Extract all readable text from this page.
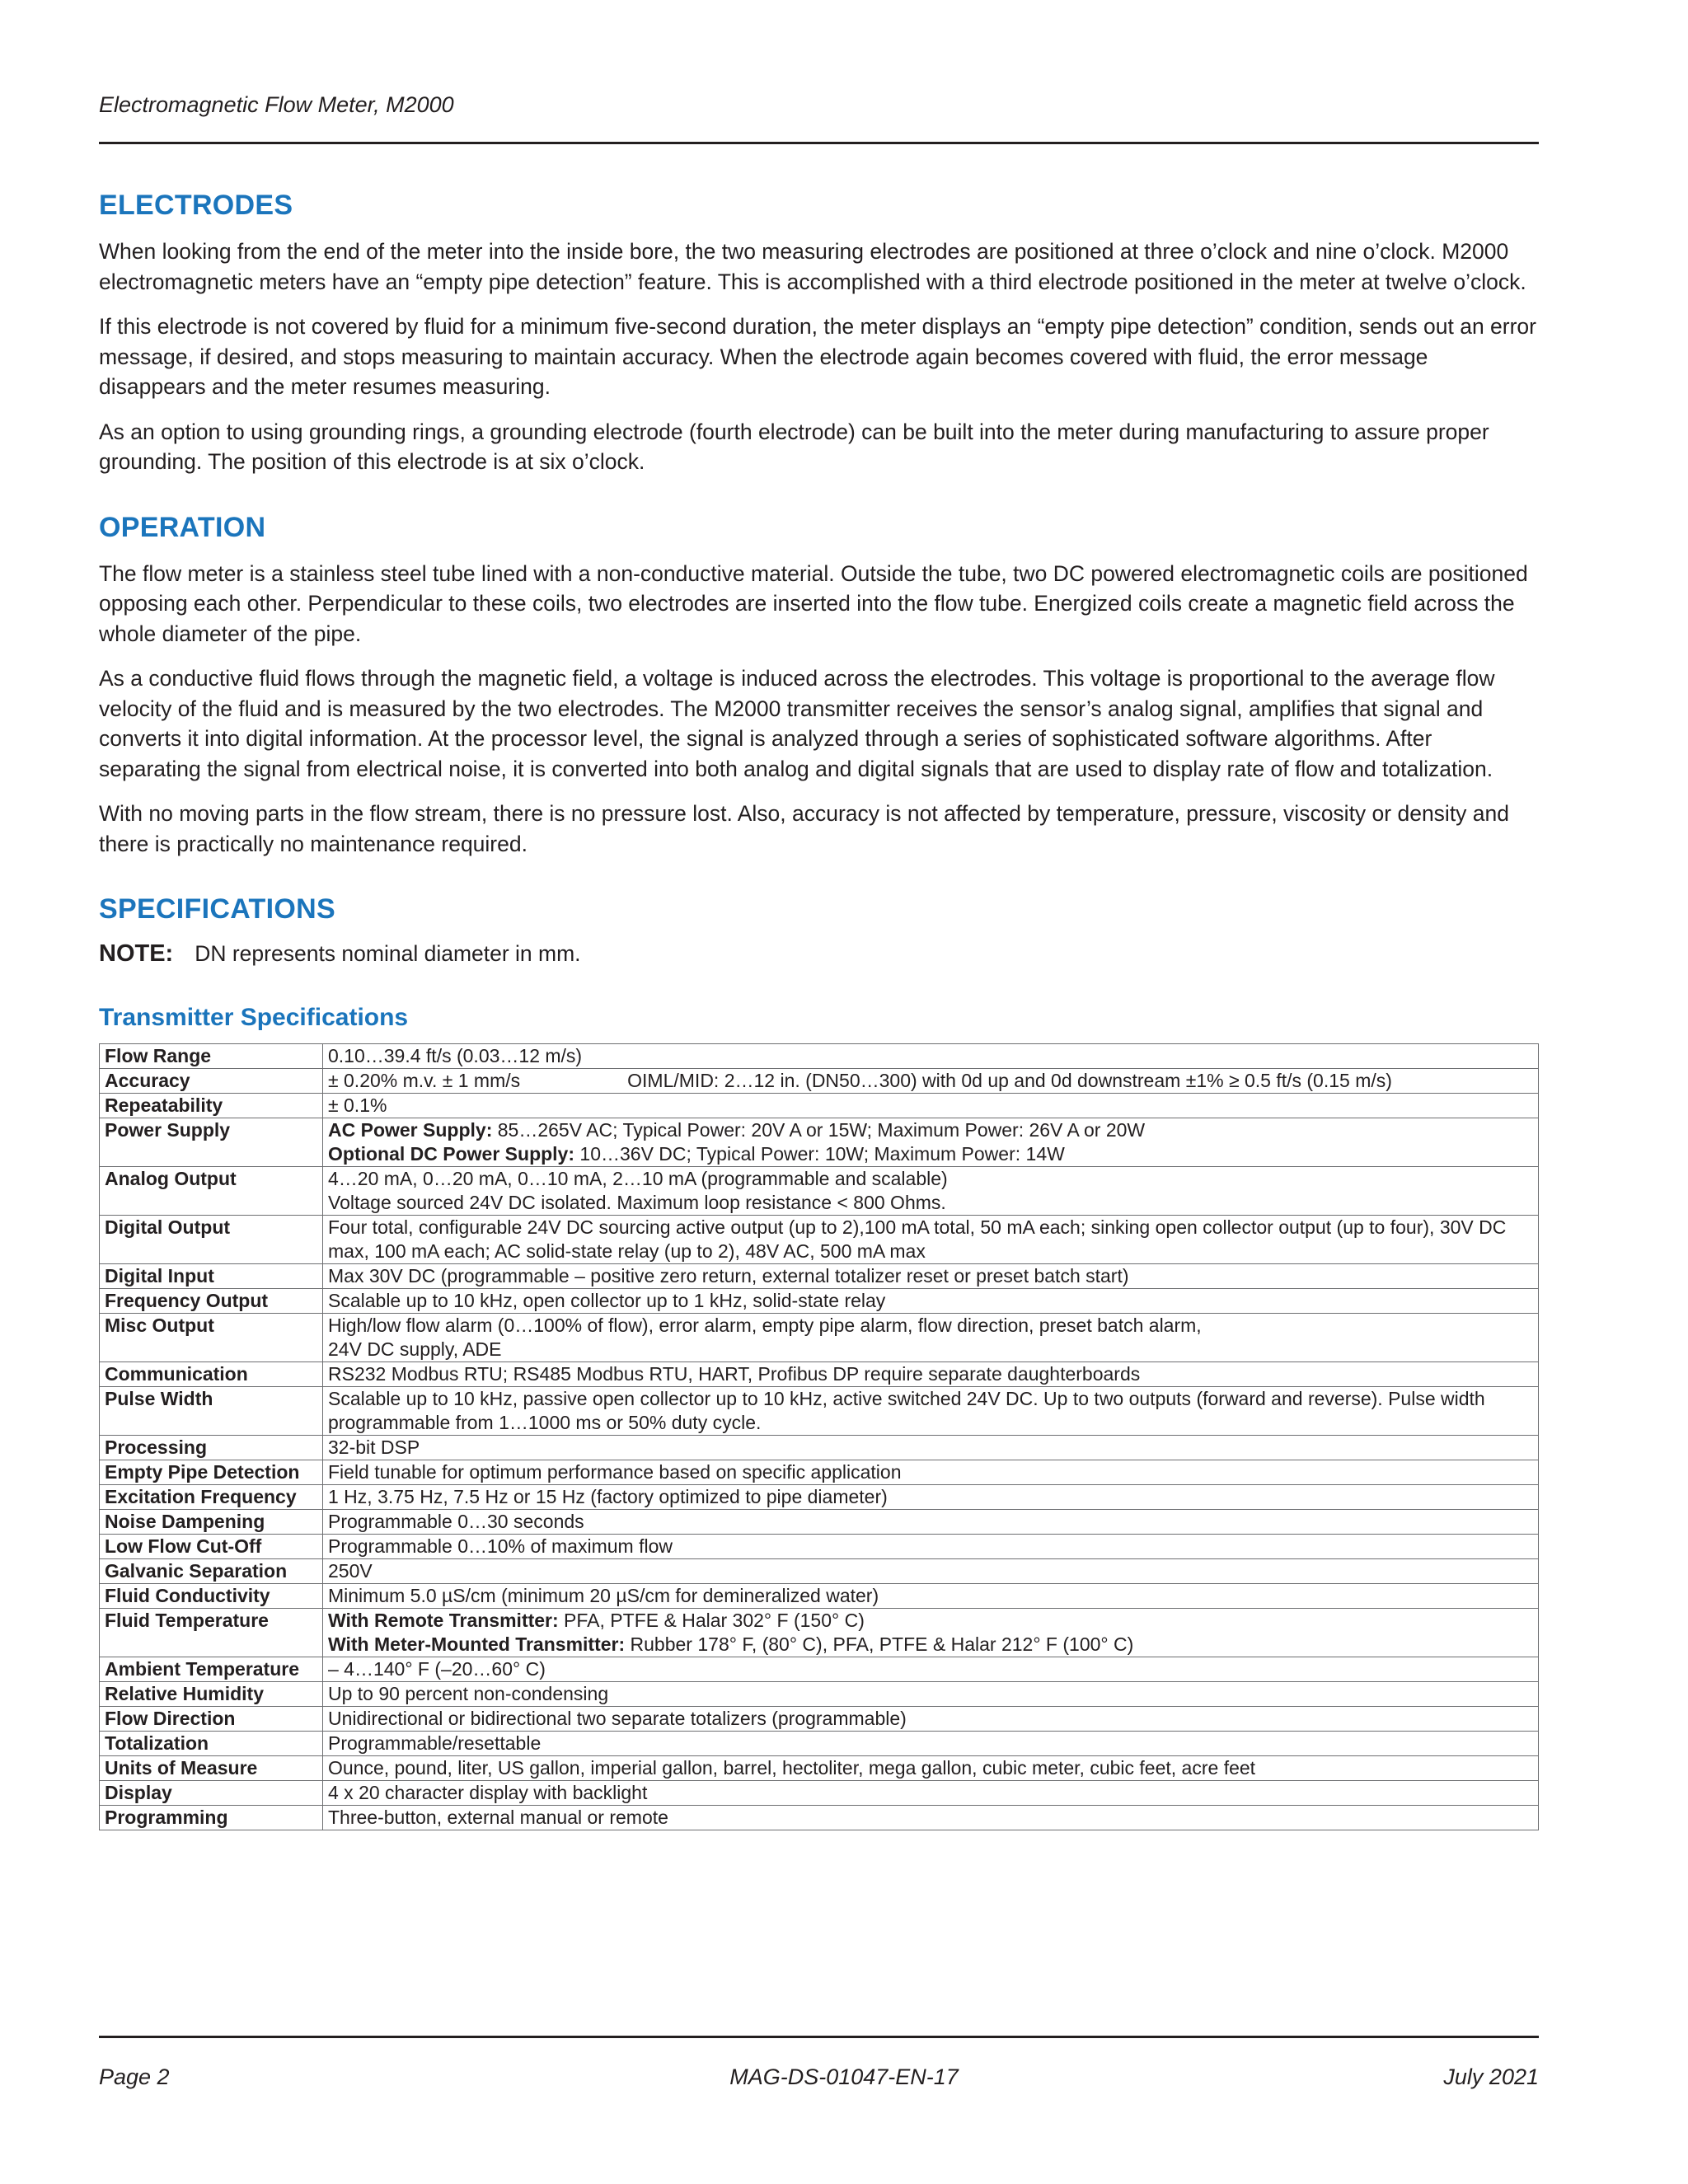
Electromagnetic Flow Meter, M2000
ELECTRODES

When looking from the end of the meter into the inside bore, the two measuring electrodes are positioned at three o’clock and nine o’clock. M2000 electromagnetic meters have an “empty pipe detection” feature. This is accomplished with a third electrode positioned in the meter at twelve o’clock.

If this electrode is not covered by fluid for a minimum five-second duration, the meter displays an “empty pipe detection” condition, sends out an error message, if desired, and stops measuring to maintain accuracy. When the electrode again becomes covered with fluid, the error message disappears and the meter resumes measuring.

As an option to using grounding rings, a grounding electrode (fourth electrode) can be built into the meter during manufacturing to assure proper grounding. The position of this electrode is at six o’clock.

OPERATION

The flow meter is a stainless steel tube lined with a non-conductive material. Outside the tube, two DC powered electromagnetic coils are positioned opposing each other. Perpendicular to these coils, two electrodes are inserted into the flow tube. Energized coils create a magnetic field across the whole diameter of the pipe.

As a conductive fluid flows through the magnetic field, a voltage is induced across the electrodes. This voltage is proportional to the average flow velocity of the fluid and is measured by the two electrodes. The M2000 transmitter receives the sensor’s analog signal, amplifies that signal and converts it into digital information. At the processor level, the signal is analyzed through a series of sophisticated software algorithms. After separating the signal from electrical noise, it is converted into both analog and digital signals that are used to display rate of flow and totalization.

With no moving parts in the flow stream, there is no pressure lost. Also, accuracy is not affected by temperature, pressure, viscosity or density and there is practically no maintenance required.

SPECIFICATIONS
NOTE: DN represents nominal diameter in mm.
Transmitter Specifications
Flow Range	0.10…39.4 ft/s (0.03…12 m/s)
Accuracy	± 0.20% m.v. ± 1 mm/s OIML/MID: 2…12 in. (DN50…300) with 0d up and 0d downstream ±1% ≥ 0.5 ft/s (0.15 m/s)
Repeatability	± 0.1%
Power Supply	AC Power Supply: 85…265V AC; Typical Power: 20V A or 15W; Maximum Power: 26V A or 20W
Optional DC Power Supply: 10…36V DC; Typical Power: 10W; Maximum Power: 14W
Analog Output	4…20 mA, 0…20 mA, 0…10 mA, 2…10 mA (programmable and scalable)
Voltage sourced 24V DC isolated. Maximum loop resistance < 800 Ohms.
Digital Output	Four total, configurable 24V DC sourcing active output (up to 2),100 mA total, 50 mA each; sinking open collector output (up to four), 30V DC max, 100 mA each; AC solid-state relay (up to 2), 48V AC, 500 mA max
Digital Input	Max 30V DC (programmable – positive zero return, external totalizer reset or preset batch start)
Frequency Output	Scalable up to 10 kHz, open collector up to 1 kHz, solid-state relay
Misc Output	High/low flow alarm (0…100% of flow), error alarm, empty pipe alarm, flow direction, preset batch alarm,
24V DC supply, ADE
Communication	RS232 Modbus RTU; RS485 Modbus RTU, HART, Profibus DP require separate daughterboards
Pulse Width	Scalable up to 10 kHz, passive open collector up to 10 kHz, active switched 24V DC. Up to two outputs (forward and reverse). Pulse width programmable from 1…1000 ms or 50% duty cycle.
Processing	32-bit DSP
Empty Pipe Detection	Field tunable for optimum performance based on specific application
Excitation Frequency	1 Hz, 3.75 Hz, 7.5 Hz or 15 Hz (factory optimized to pipe diameter)
Noise Dampening	Programmable 0…30 seconds
Low Flow Cut-Off	Programmable 0…10% of maximum flow
Galvanic Separation	250V
Fluid Conductivity	Minimum 5.0 µS/cm (minimum 20 µS/cm for demineralized water)
Fluid Temperature	With Remote Transmitter: PFA, PTFE & Halar 302° F (150° C)
With Meter-Mounted Transmitter: Rubber 178° F, (80° C), PFA, PTFE & Halar 212° F (100° C)
Ambient Temperature	– 4…140° F (–20…60° C)
Relative Humidity	Up to 90 percent non-condensing
Flow Direction	Unidirectional or bidirectional two separate totalizers (programmable)
Totalization	Programmable/resettable
Units of Measure	Ounce, pound, liter, US gallon, imperial gallon, barrel, hectoliter, mega gallon, cubic meter, cubic feet, acre feet
Display	4 x 20 character display with backlight
Programming	Three-button, external manual or remote
Page 2	MAG-DS-01047-EN-17	July 2021
